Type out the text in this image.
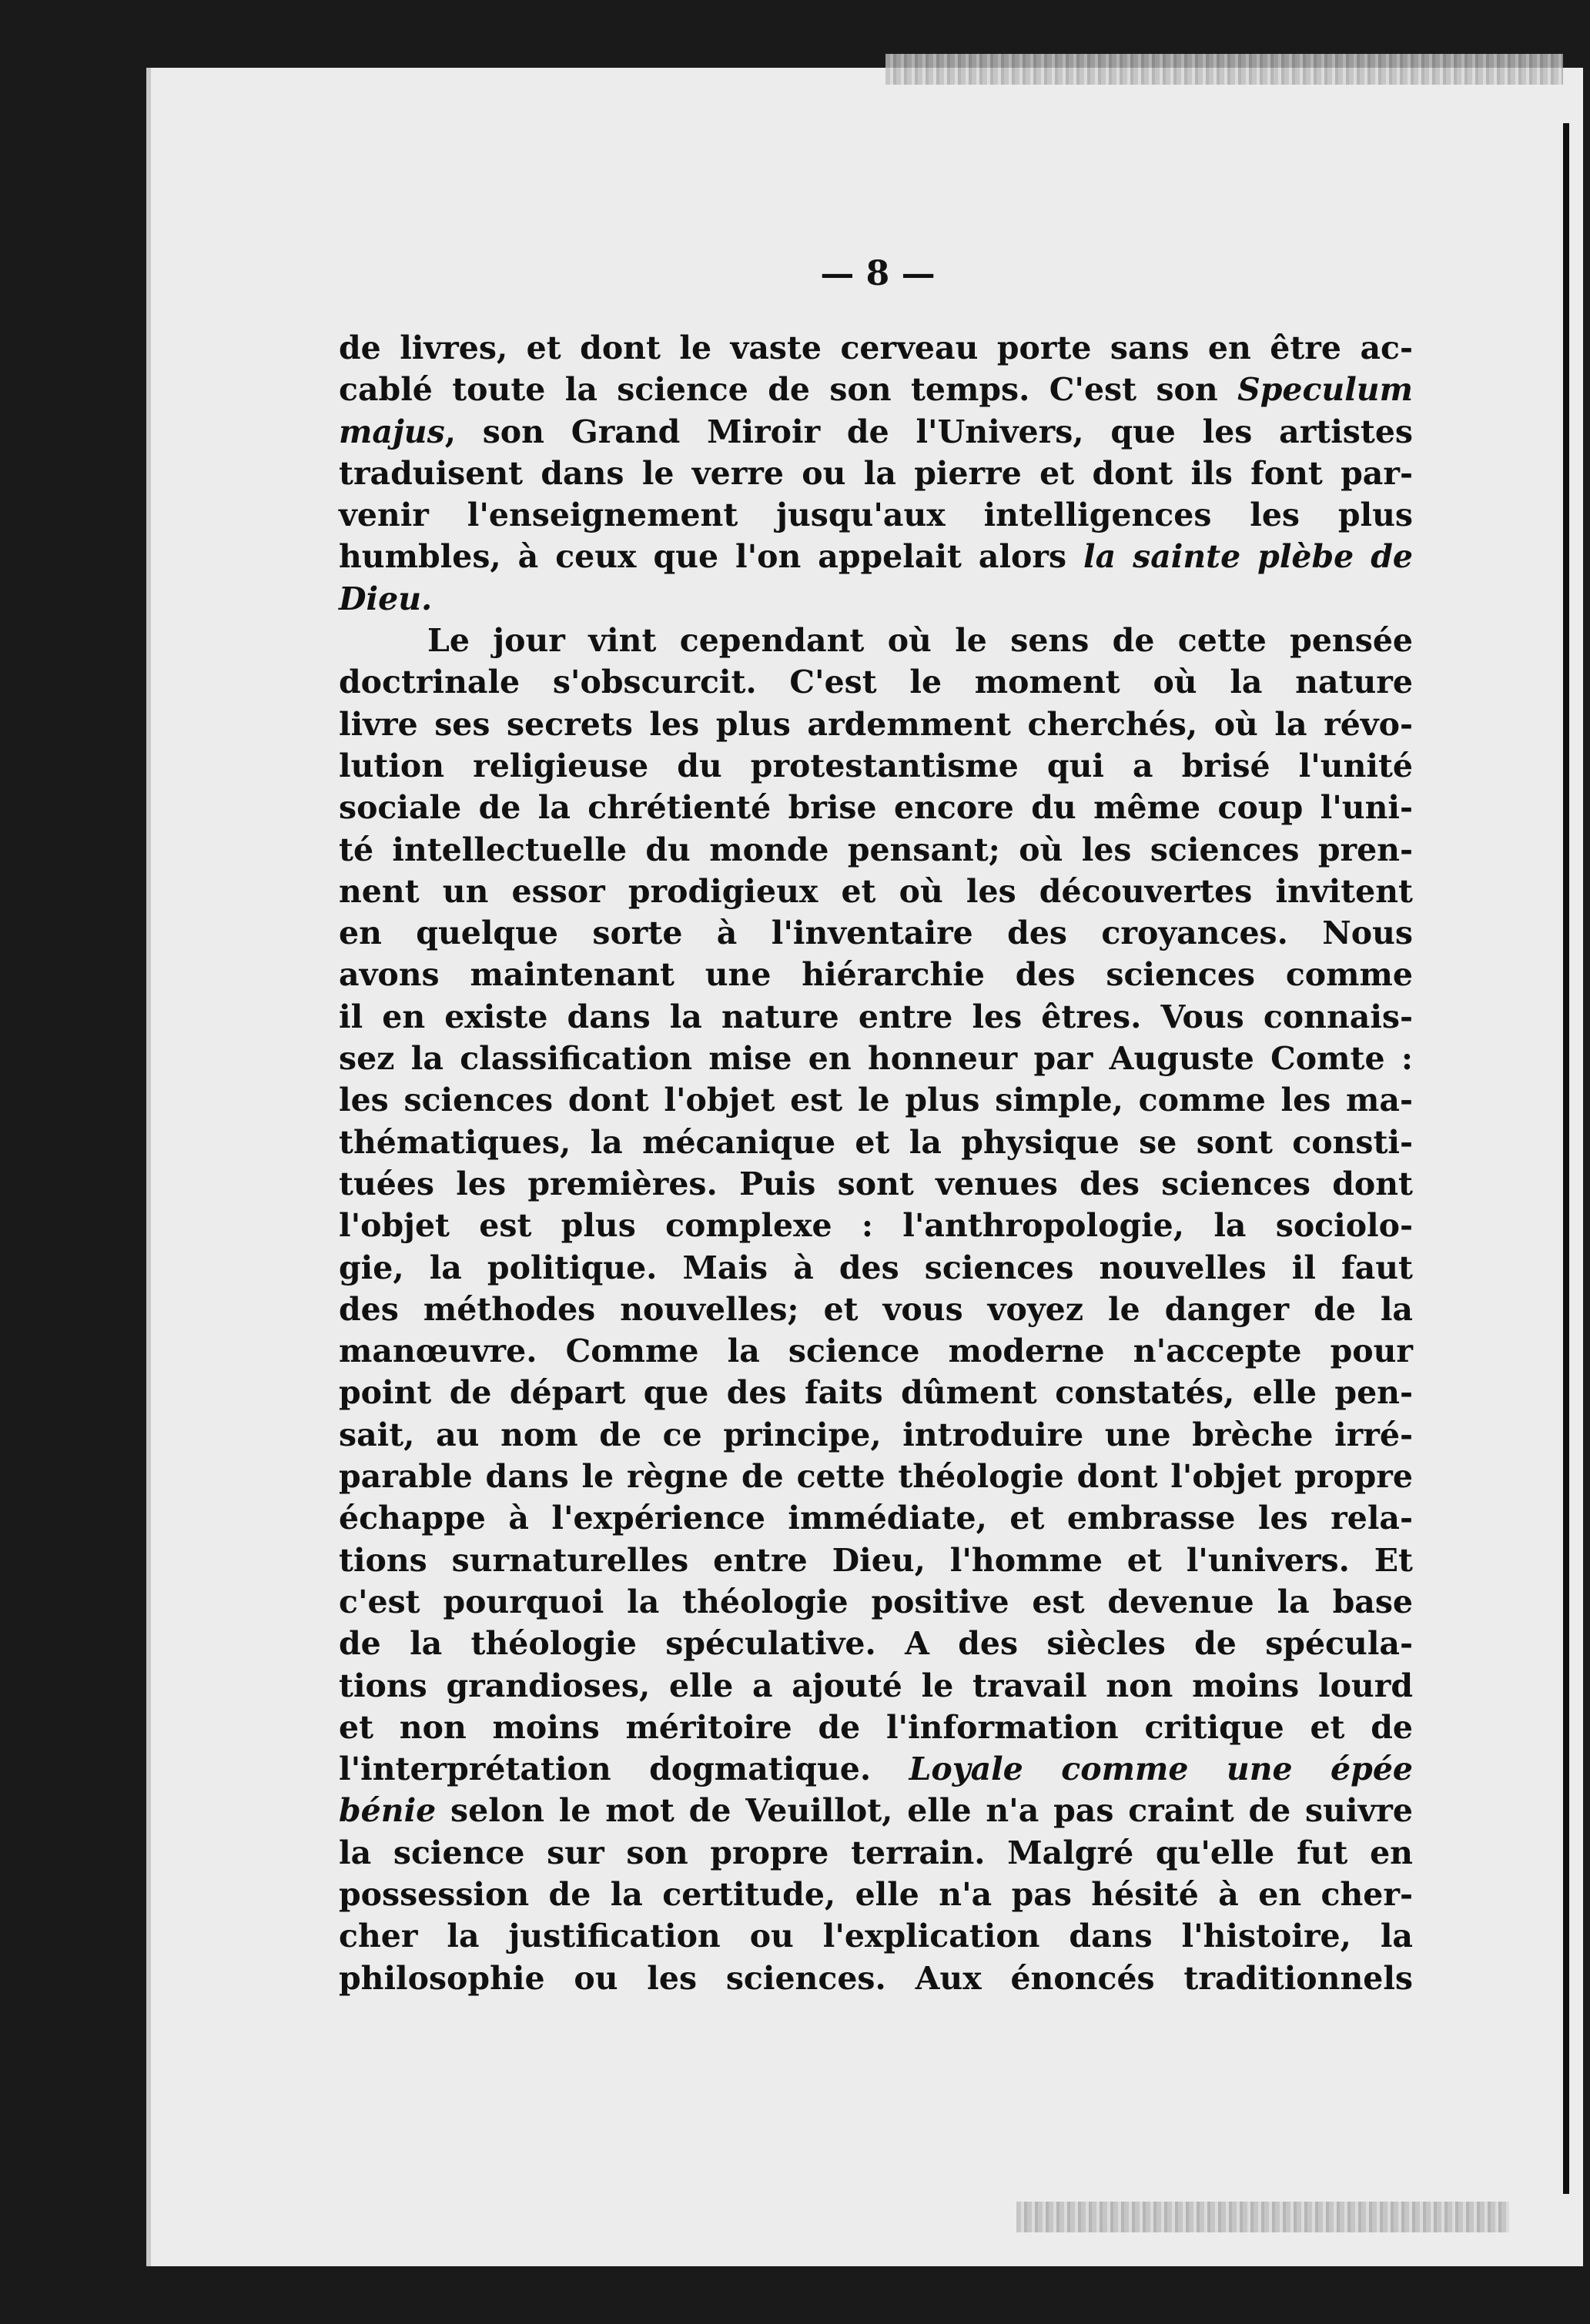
— 8 —
de livres, et dont le vaste cerveau porte sans en être ac-
cablé toute la science de son temps. C'est son Speculum
majus, son Grand Miroir de l'Univers, que les artistes
traduisent dans le verre ou la pierre et dont ils font par-
venir l'enseignement jusqu'aux intelligences les plus
humbles, à ceux que l'on appelait alors la sainte plèbe de
Dieu.
Le jour vint cependant où le sens de cette pensée
doctrinale s'obscurcit. C'est le moment où la nature
livre ses secrets les plus ardemment cherchés, où la révo-
lution religieuse du protestantisme qui a brisé l'unité
sociale de la chrétienté brise encore du même coup l'uni-
té intellectuelle du monde pensant; où les sciences pren-
nent un essor prodigieux et où les découvertes invitent
en quelque sorte à l'inventaire des croyances. Nous
avons maintenant une hiérarchie des sciences comme
il en existe dans la nature entre les êtres. Vous connais-
sez la classification mise en honneur par Auguste Comte :
les sciences dont l'objet est le plus simple, comme les ma-
thématiques, la mécanique et la physique se sont consti-
tuées les premières. Puis sont venues des sciences dont
l'objet est plus complexe : l'anthropologie, la sociolo-
gie, la politique. Mais à des sciences nouvelles il faut
des méthodes nouvelles; et vous voyez le danger de la
manœuvre. Comme la science moderne n'accepte pour
point de départ que des faits dûment constatés, elle pen-
sait, au nom de ce principe, introduire une brèche irré-
parable dans le règne de cette théologie dont l'objet propre
échappe à l'expérience immédiate, et embrasse les rela-
tions surnaturelles entre Dieu, l'homme et l'univers. Et
c'est pourquoi la théologie positive est devenue la base
de la théologie spéculative. A des siècles de spécula-
tions grandioses, elle a ajouté le travail non moins lourd
et non moins méritoire de l'information critique et de
l'interprétation dogmatique. Loyale comme une épée
bénie selon le mot de Veuillot, elle n'a pas craint de suivre
la science sur son propre terrain. Malgré qu'elle fut en
possession de la certitude, elle n'a pas hésité à en cher-
cher la justification ou l'explication dans l'histoire, la
philosophie ou les sciences. Aux énoncés traditionnels
